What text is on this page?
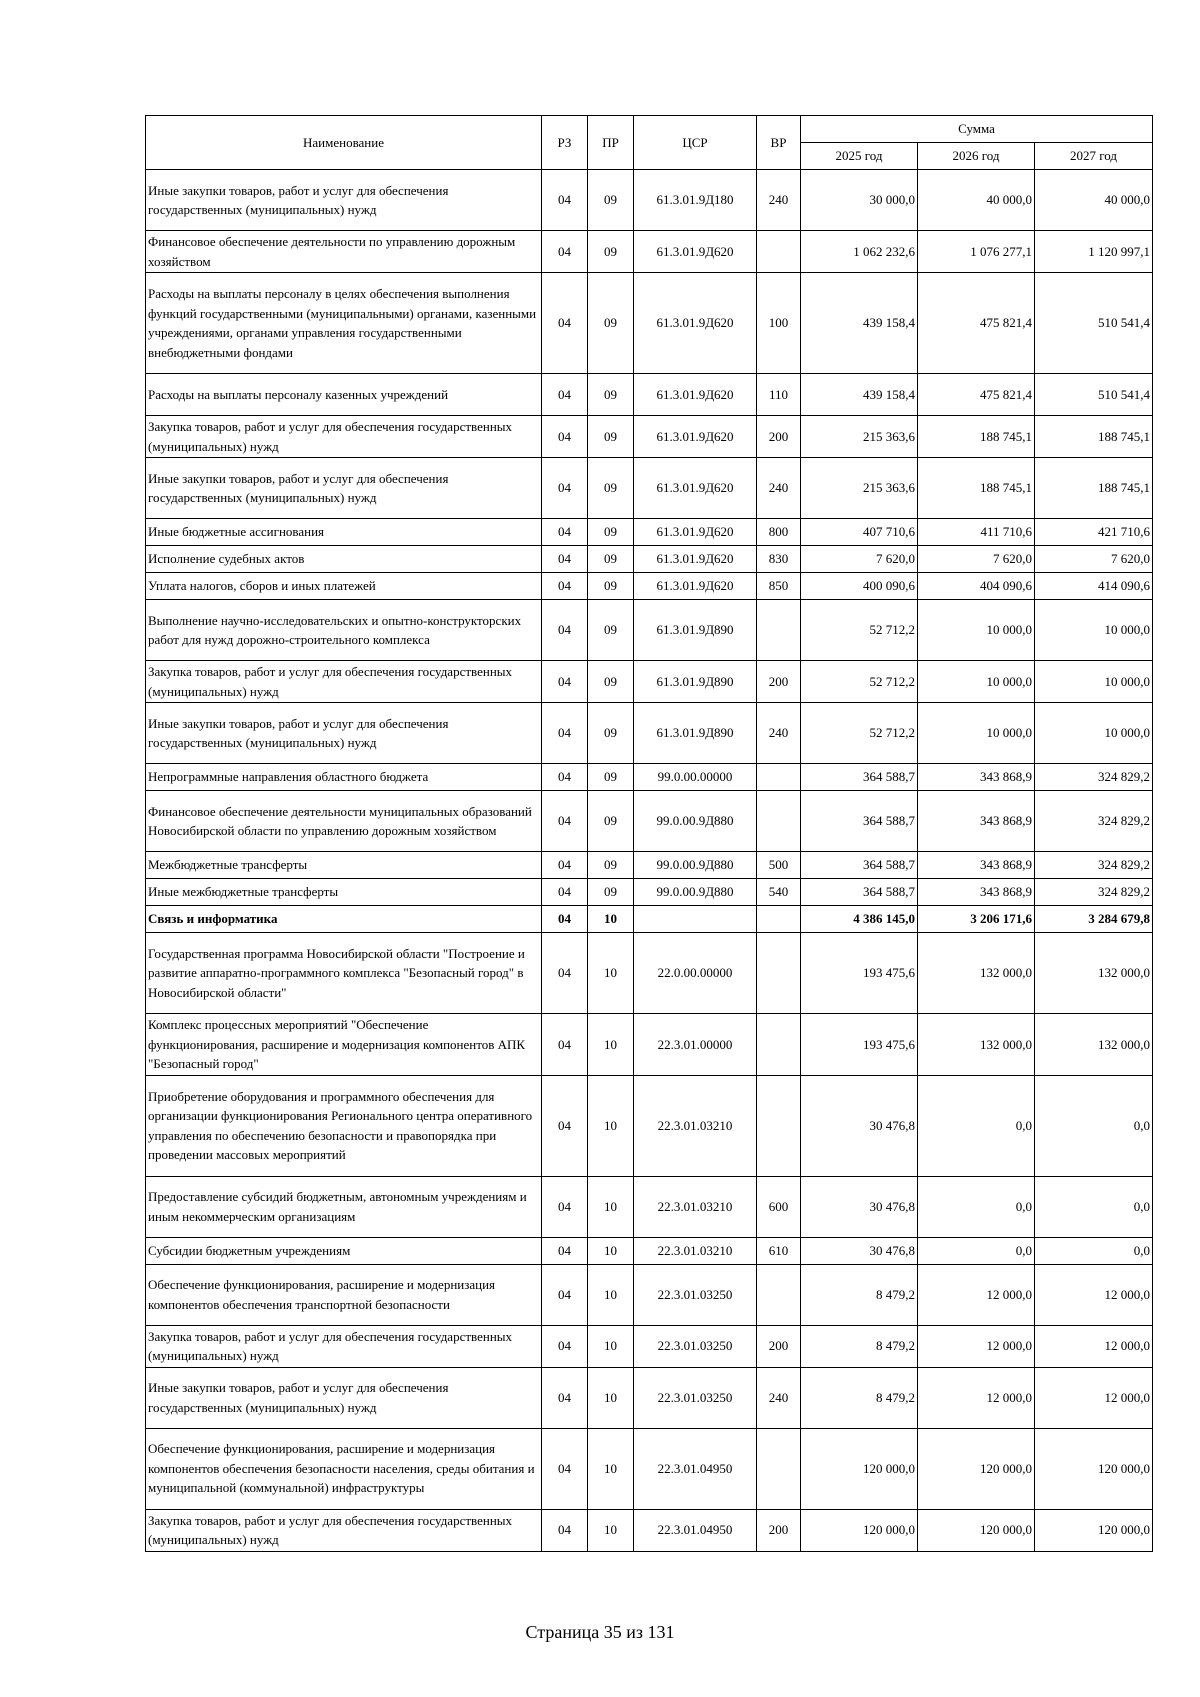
Наименование	РЗ	ПР	ЦСР	ВР	Сумма		
					2025 год	2026 год	2027 год
Иные закупки товаров, работ и услуг для обеспечения государственных (муниципальных) нужд	04	09	61.3.01.9Д180	240	30 000,0	40 000,0	40 000,0
Финансовое обеспечение деятельности по управлению дорожным хозяйством	04	09	61.3.01.9Д620		1 062 232,6	1 076 277,1	1 120 997,1
Расходы на выплаты персоналу в целях обеспечения выполнения функций государственными (муниципальными) органами, казенными учреждениями, органами управления государственными внебюджетными фондами	04	09	61.3.01.9Д620	100	439 158,4	475 821,4	510 541,4
Расходы на выплаты персоналу казенных учреждений	04	09	61.3.01.9Д620	110	439 158,4	475 821,4	510 541,4
Закупка товаров, работ и услуг для обеспечения государственных (муниципальных) нужд	04	09	61.3.01.9Д620	200	215 363,6	188 745,1	188 745,1
Иные закупки товаров, работ и услуг для обеспечения государственных (муниципальных) нужд	04	09	61.3.01.9Д620	240	215 363,6	188 745,1	188 745,1
Иные бюджетные ассигнования	04	09	61.3.01.9Д620	800	407 710,6	411 710,6	421 710,6
Исполнение судебных актов	04	09	61.3.01.9Д620	830	7 620,0	7 620,0	7 620,0
Уплата налогов, сборов и иных платежей	04	09	61.3.01.9Д620	850	400 090,6	404 090,6	414 090,6
Выполнение научно-исследовательских и опытно-конструкторских работ для нужд дорожно-строительного комплекса	04	09	61.3.01.9Д890		52 712,2	10 000,0	10 000,0
Закупка товаров, работ и услуг для обеспечения государственных (муниципальных) нужд	04	09	61.3.01.9Д890	200	52 712,2	10 000,0	10 000,0
Иные закупки товаров, работ и услуг для обеспечения государственных (муниципальных) нужд	04	09	61.3.01.9Д890	240	52 712,2	10 000,0	10 000,0
Непрограммные направления областного бюджета	04	09	99.0.00.00000		364 588,7	343 868,9	324 829,2
Финансовое обеспечение деятельности муниципальных образований Новосибирской области по управлению дорожным хозяйством	04	09	99.0.00.9Д880		364 588,7	343 868,9	324 829,2
Межбюджетные трансферты	04	09	99.0.00.9Д880	500	364 588,7	343 868,9	324 829,2
Иные межбюджетные трансферты	04	09	99.0.00.9Д880	540	364 588,7	343 868,9	324 829,2
Связь и информатика	04	10			4 386 145,0	3 206 171,6	3 284 679,8
Государственная программа Новосибирской области "Построение и развитие аппаратно-программного комплекса "Безопасный город" в Новосибирской области"	04	10	22.0.00.00000		193 475,6	132 000,0	132 000,0
Комплекс процессных мероприятий "Обеспечение функционирования, расширение и модернизация компонентов АПК "Безопасный город"	04	10	22.3.01.00000		193 475,6	132 000,0	132 000,0
Приобретение оборудования и программного обеспечения для организации функционирования Регионального центра оперативного управления по обеспечению безопасности и правопорядка при проведении массовых мероприятий	04	10	22.3.01.03210		30 476,8	0,0	0,0
Предоставление субсидий бюджетным, автономным учреждениям и иным некоммерческим организациям	04	10	22.3.01.03210	600	30 476,8	0,0	0,0
Субсидии бюджетным учреждениям	04	10	22.3.01.03210	610	30 476,8	0,0	0,0
Обеспечение функционирования, расширение и модернизация компонентов обеспечения транспортной безопасности	04	10	22.3.01.03250		8 479,2	12 000,0	12 000,0
Закупка товаров, работ и услуг для обеспечения государственных (муниципальных) нужд	04	10	22.3.01.03250	200	8 479,2	12 000,0	12 000,0
Иные закупки товаров, работ и услуг для обеспечения государственных (муниципальных) нужд	04	10	22.3.01.03250	240	8 479,2	12 000,0	12 000,0
Обеспечение функционирования, расширение и модернизация компонентов обеспечения безопасности населения, среды обитания и муниципальной (коммунальной) инфраструктуры	04	10	22.3.01.04950		120 000,0	120 000,0	120 000,0
Закупка товаров, работ и услуг для обеспечения государственных (муниципальных) нужд	04	10	22.3.01.04950	200	120 000,0	120 000,0	120 000,0
Страница 35 из 131
